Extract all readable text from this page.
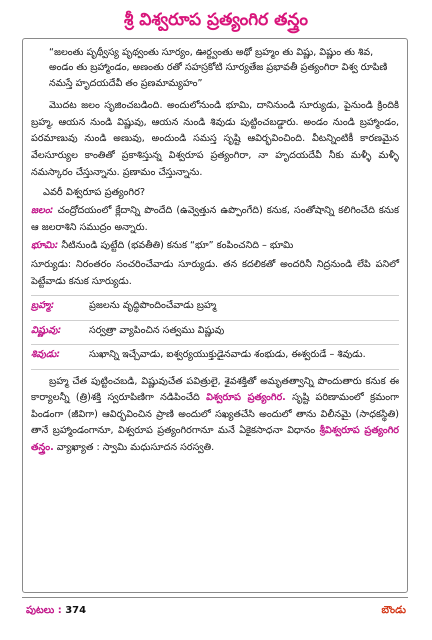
శ్రీ విశ్వరూప ప్రత్యంగిర తన్త్రం

“జలంతు పృథ్వీస్య పృథ్వంతు సూర్యం, ఊర్ద్వంతు అథో బ్రహ్మం తు విష్ణు, విష్ణుం తు శివ, అండం తు బ్రహ్మాండం, అణంతు రతో సహస్రకోటి సూర్యతేజ ప్రభావతీ ప్రత్యంగిరా విశ్వ రూపిణి నమస్తే హృదయదేవీ తం ప్రణమామ్యహం”

మొదట జలం సృజించబడింది. అందులోనుండి భూమి, దానినుండి సూర్యుడు, పైనుండి క్రిందికి బ్రహ్మ, ఆయన నుండి విష్ణువు, ఆయన నుండి శివుడు పుట్టించబడ్డారు. అండం నుండి బ్రహ్మాండం, పరమాణువు నుండి అణువు, అందుండి సమస్త సృష్టి ఆవిర్భవించింది. వీటన్నింటికీ కారణమైన వేలసూర్యుల కాంతితో ప్రకాశిస్తున్న విశ్వరూప ప్రత్యంగిరా, నా హృదయదేవీ నీకు మళ్ళీ మళ్ళీ నమస్కారం చేస్తున్నాను. ప్రణామం చేస్తున్నాను.

ఎవరీ విశ్వరూప ప్రత్యంగిర?

జలం: చంద్రోదయంలో క్లేదాన్ని పొందేది (ఉవ్వెత్తున ఉప్పొంగేది) కనుక, సంతోషాన్ని కలిగించేది కనుక ఆ జలరాశిని సముద్రం అన్నారు.

భూమి: నీటినుండి పుట్టేది (భవతీతి) కనుక “భూ” కంపించనిది – భూమి

సూర్యుడు: నిరంతరం సంచరించేవాడు సూర్యుడు. తన కదలికతో అందరినీ నిద్రనుండి లేపి పనిలో పెట్టేవాడు కనుక సూర్యుడు.

బ్రహ్మ:	ప్రజలను వృద్ధిపొందించేవాడు బ్రహ్మ
విష్ణువు:	సర్వత్రా వ్యాపించిన సత్వము విష్ణువు
శివుడు:	సుఖాన్ని ఇచ్చేవాడు, ఐశ్వర్యయుక్తుడైనవాడు శంభుడు, ఈశ్వరుడే – శివుడు.

బ్రహ్మ చేత పుట్టించబడి, విష్ణువుచేత పవిత్రులై, శైవశక్తితో అమృతత్వాన్ని పొందుతారు కనుక ఈ కార్యాలన్నీ (త్రి)శక్తి స్వరూపిణిగా నడిపించేది విశ్వరూప ప్రత్యంగిర. సృష్టి పరిణామంలో క్రమంగా పిండంగా (జీవిగా) ఆవిర్భవించిన ప్రాణి అందులో సఖ్యతచేసి అందులో తాను విలీనమై (సాధకస్థితి) తానే బ్రహ్మాండంగానూ, విశ్వరూప ప్రత్యంగిరగానూ మనే ఏకైకసాధనా విధానం శ్రీవిశ్వరూప ప్రత్యంగిర తన్త్రం. వ్యాఖ్యాత : స్వామి మధుసూదన సరస్వతి.

పుటలు : 374	బౌండు
